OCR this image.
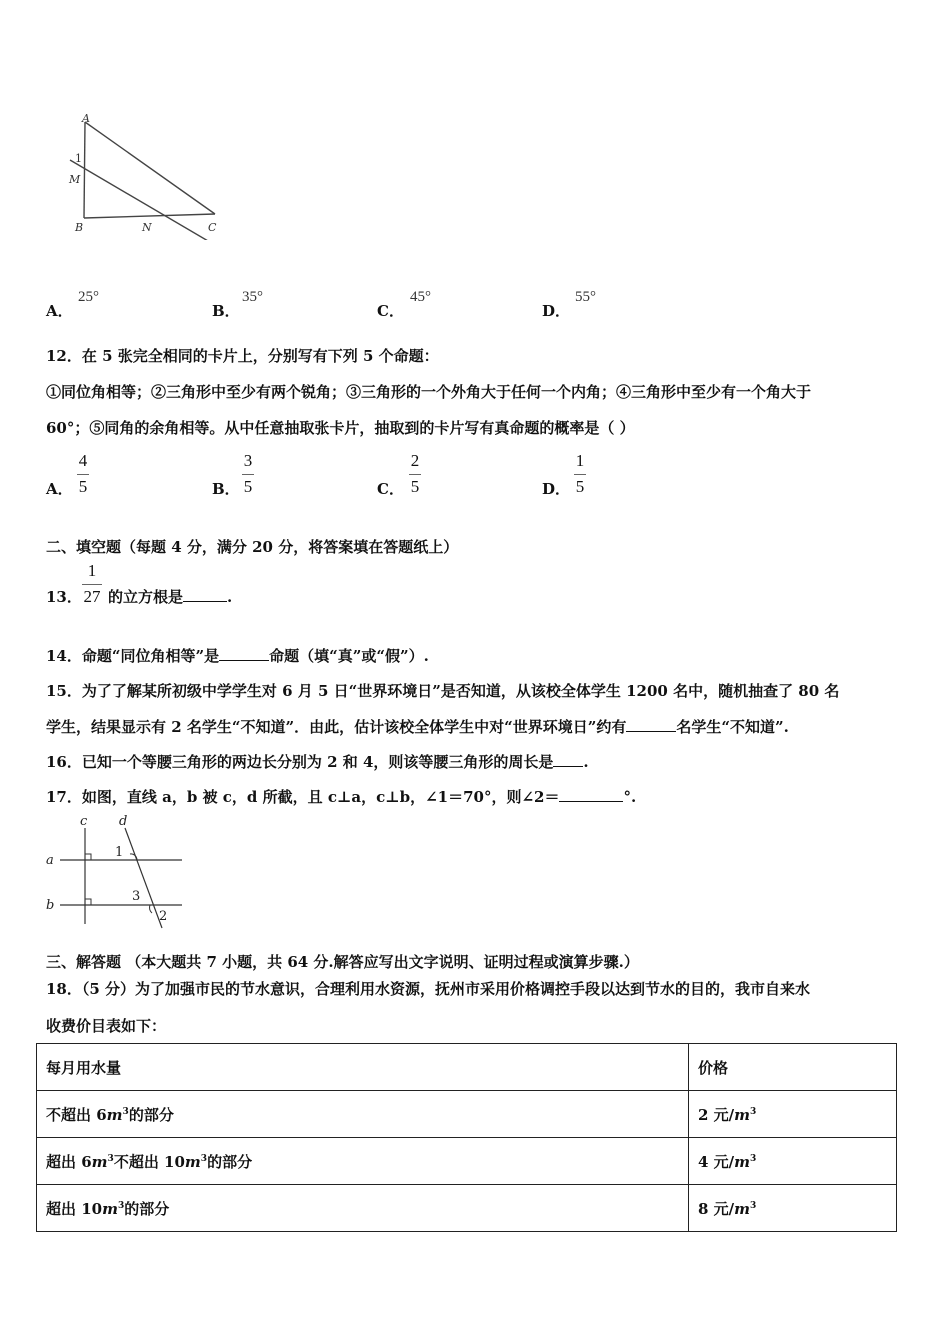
A
1
M
B	N	C
A．
25°
B．
35°
C．
45°
D．
55°
12．在 5 张完全相同的卡片上，分别写有下列 5 个命题：
①同位角相等；②三角形中至少有两个锐角；③三角形的一个外角大于任何一个内角；④三角形中至少有一个角大于
60°；⑤同角的余角相等。从中任意抽取张卡片，抽取到的卡片写有真命题的概率是（ ）
A．
4
5	B．
3
5	C．
2
5	D．
1
5
二、填空题（每题 4 分，满分 20 分，将答案填在答题纸上）
13．
1
27 的立方根是	.
14．命题“同位角相等”是	命题（填“真”或“假”）.
15．为了了解某所初级中学学生对 6 月 5 日“世界环境日”是否知道，从该校全体学生 1200 名中，随机抽查了 80 名
学生，结果显示有 2 名学生“不知道”．由此，估计该校全体学生中对“世界环境日”约有	名学生“不知道”.
16．已知一个等腰三角形的两边长分别为 2 和 4，则该等腰三角形的周长是 .
17．如图，直线 a，b 被 c，d 所截，且 c⊥a，c⊥b，∠1＝70°，则∠2＝	°.
c d
a
b
1
3
2
三、解答题 （本大题共 7 小题，共 64 分.解答应写出文字说明、证明过程或演算步骤.）
18．（5 分）为了加强市民的节水意识，合理利用水资源，抚州市采用价格调控手段以达到节水的目的，我市自来水
收费价目表如下：
每月用水量	价格
不超出 $6m^3$的部分	2 元$/m^3$
超出 $6m^3$不超出 $10m^3$的部分	4 元$/m^3$
超出 $10m^3$的部分	8 元$/m^3$
